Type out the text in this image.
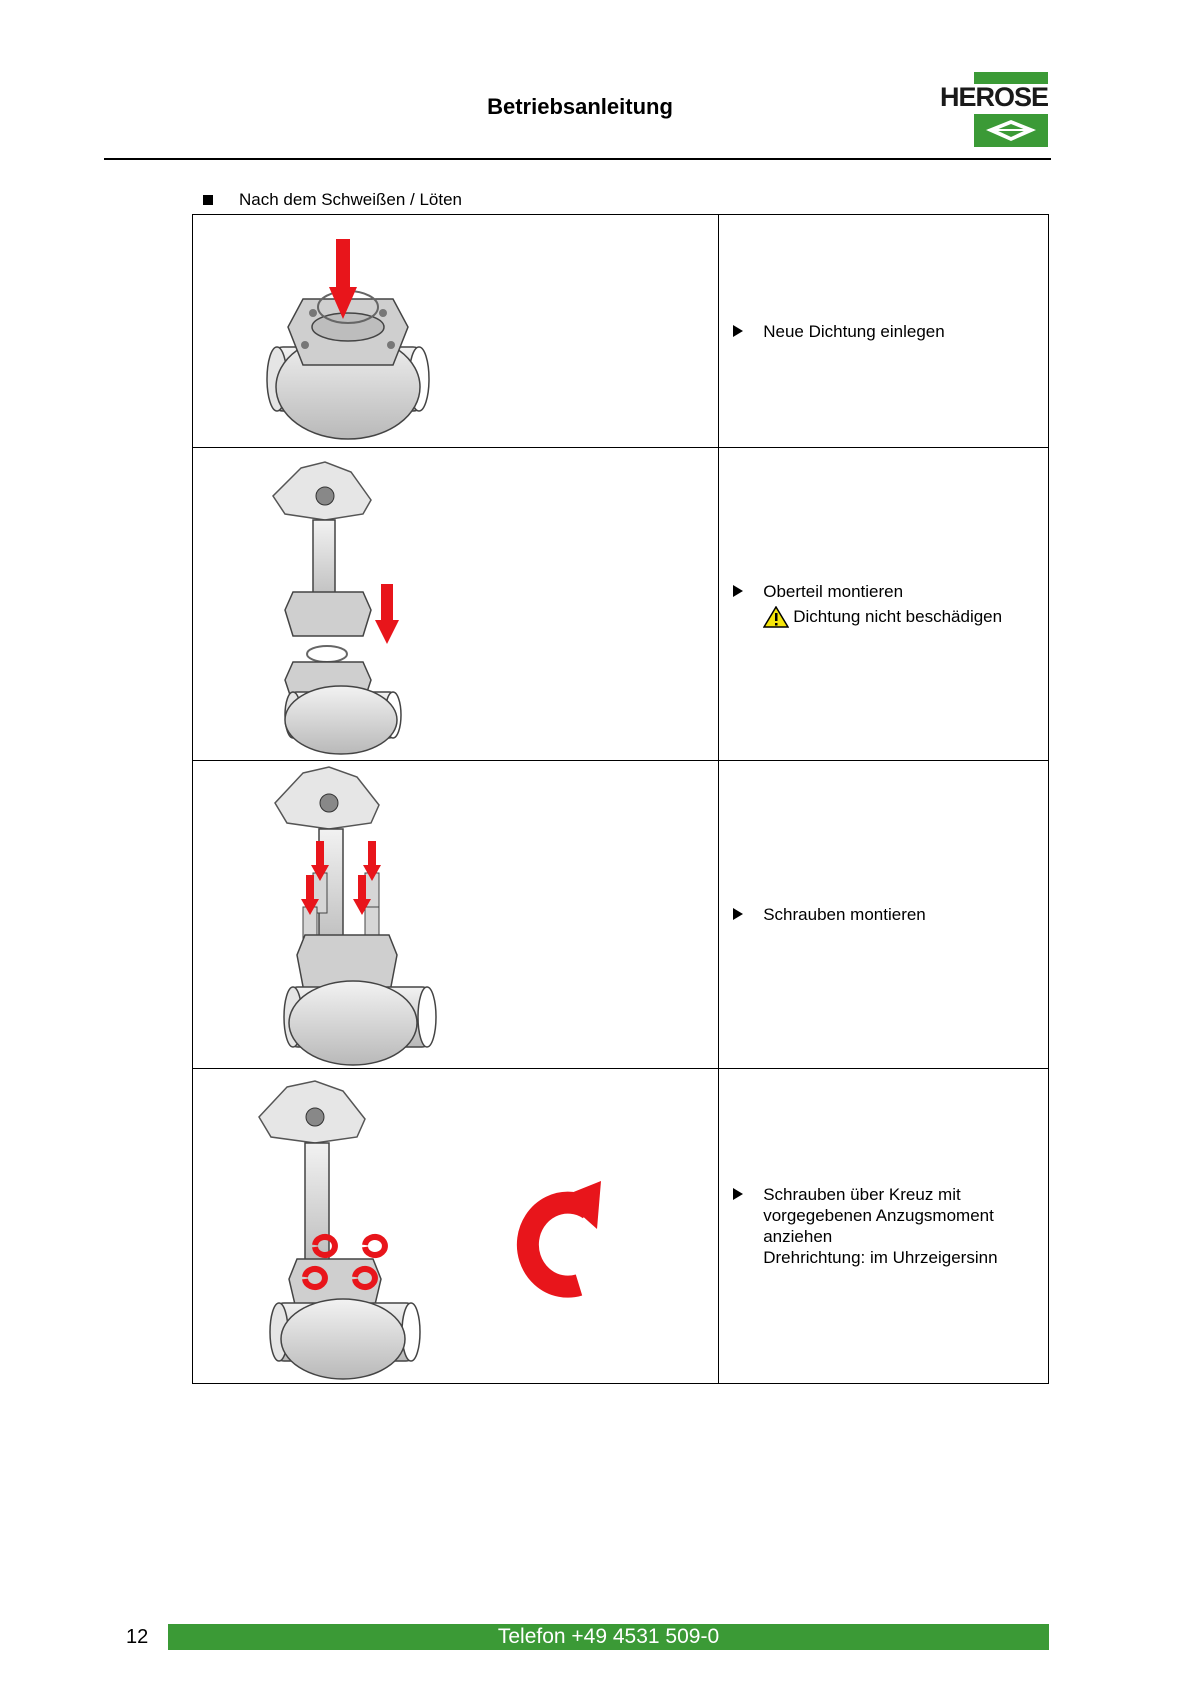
Betriebsanleitung	HEROSE
Nach dem Schweißen / Löten

Neue Dichtung einlegen

Oberteil montieren
Dichtung nicht beschädigen

Schrauben montieren

Schrauben über Kreuz mit
vorgegebenen Anzugsmoment
anziehen
Drehrichtung: im Uhrzeigersinn
12	Telefon +49 4531 509-0
